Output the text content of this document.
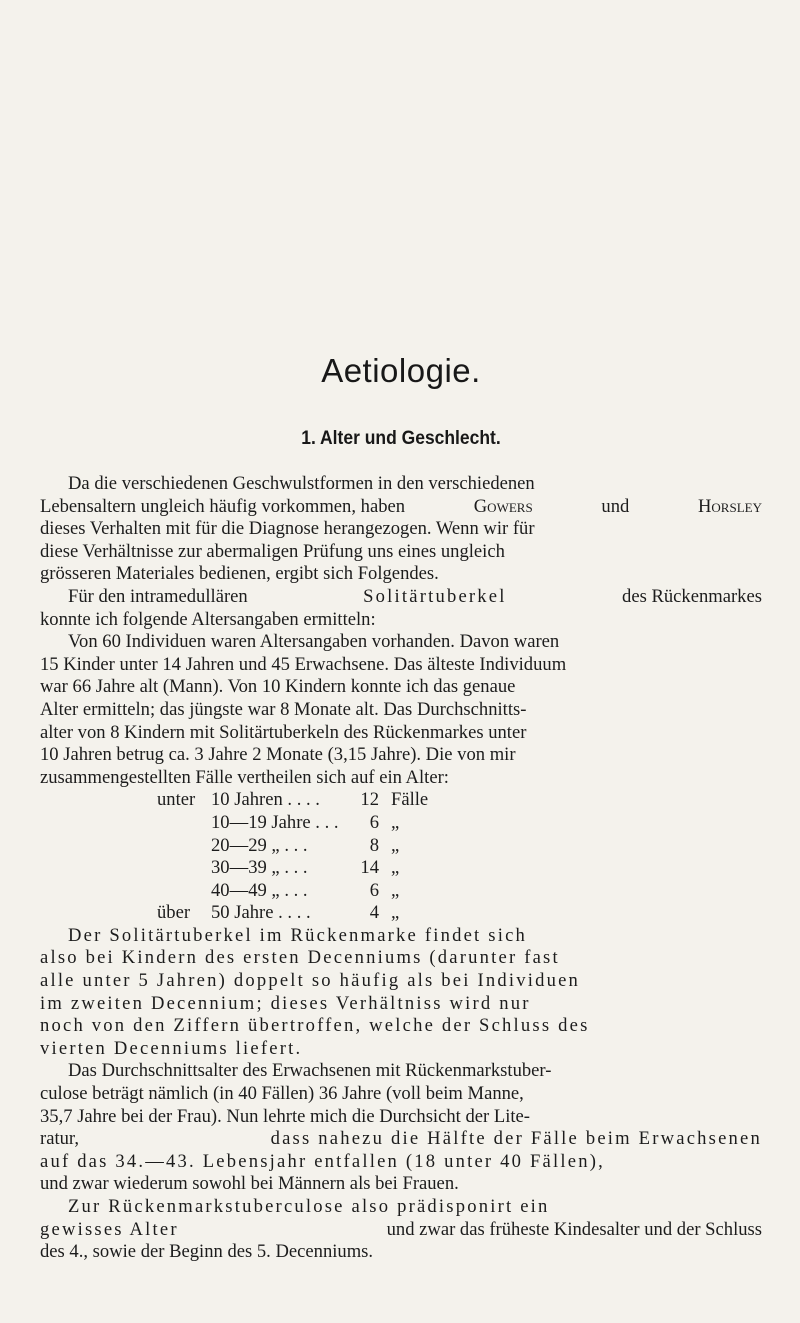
Aetiologie.
1. Alter und Geschlecht.
Da die verschiedenen Geschwulstformen in den verschiedenen
Lebensaltern ungleich häufig vorkommen, haben	Gowers	und	Horsley
dieses Verhalten mit für die Diagnose herangezogen. Wenn wir für
diese Verhältnisse zur abermaligen Prüfung uns eines ungleich
grösseren Materiales bedienen, ergibt sich Folgendes.
Für den intramedullären	Solitärtuberkel	des Rückenmarkes
konnte ich folgende Altersangaben ermitteln:
Von 60 Individuen waren Altersangaben vorhanden. Davon waren
15 Kinder unter 14 Jahren und 45 Erwachsene. Das älteste Individuum
war 66 Jahre alt (Mann). Von 10 Kindern konnte ich das genaue
Alter ermitteln; das jüngste war 8 Monate alt. Das Durchschnitts-
alter von 8 Kindern mit Solitärtuberkeln des Rückenmarkes unter
10 Jahren betrug ca. 3 Jahre 2 Monate (3,15 Jahre). Die von mir
zusammengestellten Fälle vertheilen sich auf ein Alter:
unter	10 Jahren . . . .	12	Fälle
	10—19 Jahre . . .	6	„
	20—29 „ . . .	8	„
	30—39 „ . . .	14	„
	40—49 „ . . .	6	„
über	50 Jahre . . . .	4	„
Der Solitärtuberkel im Rückenmarke findet sich
also bei Kindern des ersten Decenniums (darunter fast
alle unter 5 Jahren) doppelt so häufig als bei Individuen
im zweiten Decennium; dieses Verhältniss wird nur
noch von den Ziffern übertroffen, welche der Schluss des
vierten Decenniums liefert.
Das Durchschnittsalter des Erwachsenen mit Rückenmarkstuber-
culose beträgt nämlich (in 40 Fällen) 36 Jahre (voll beim Manne,
35,7 Jahre bei der Frau). Nun lehrte mich die Durchsicht der Lite-
ratur,	dass nahezu die Hälfte der Fälle beim Erwachsenen
auf das 34.—43. Lebensjahr entfallen (18 unter 40 Fällen),
und zwar wiederum sowohl bei Männern als bei Frauen.
Zur Rückenmarkstuberculose also prädisponirt ein
gewisses Alter	und zwar das früheste Kindesalter und der Schluss
des 4., sowie der Beginn des 5. Decenniums.
